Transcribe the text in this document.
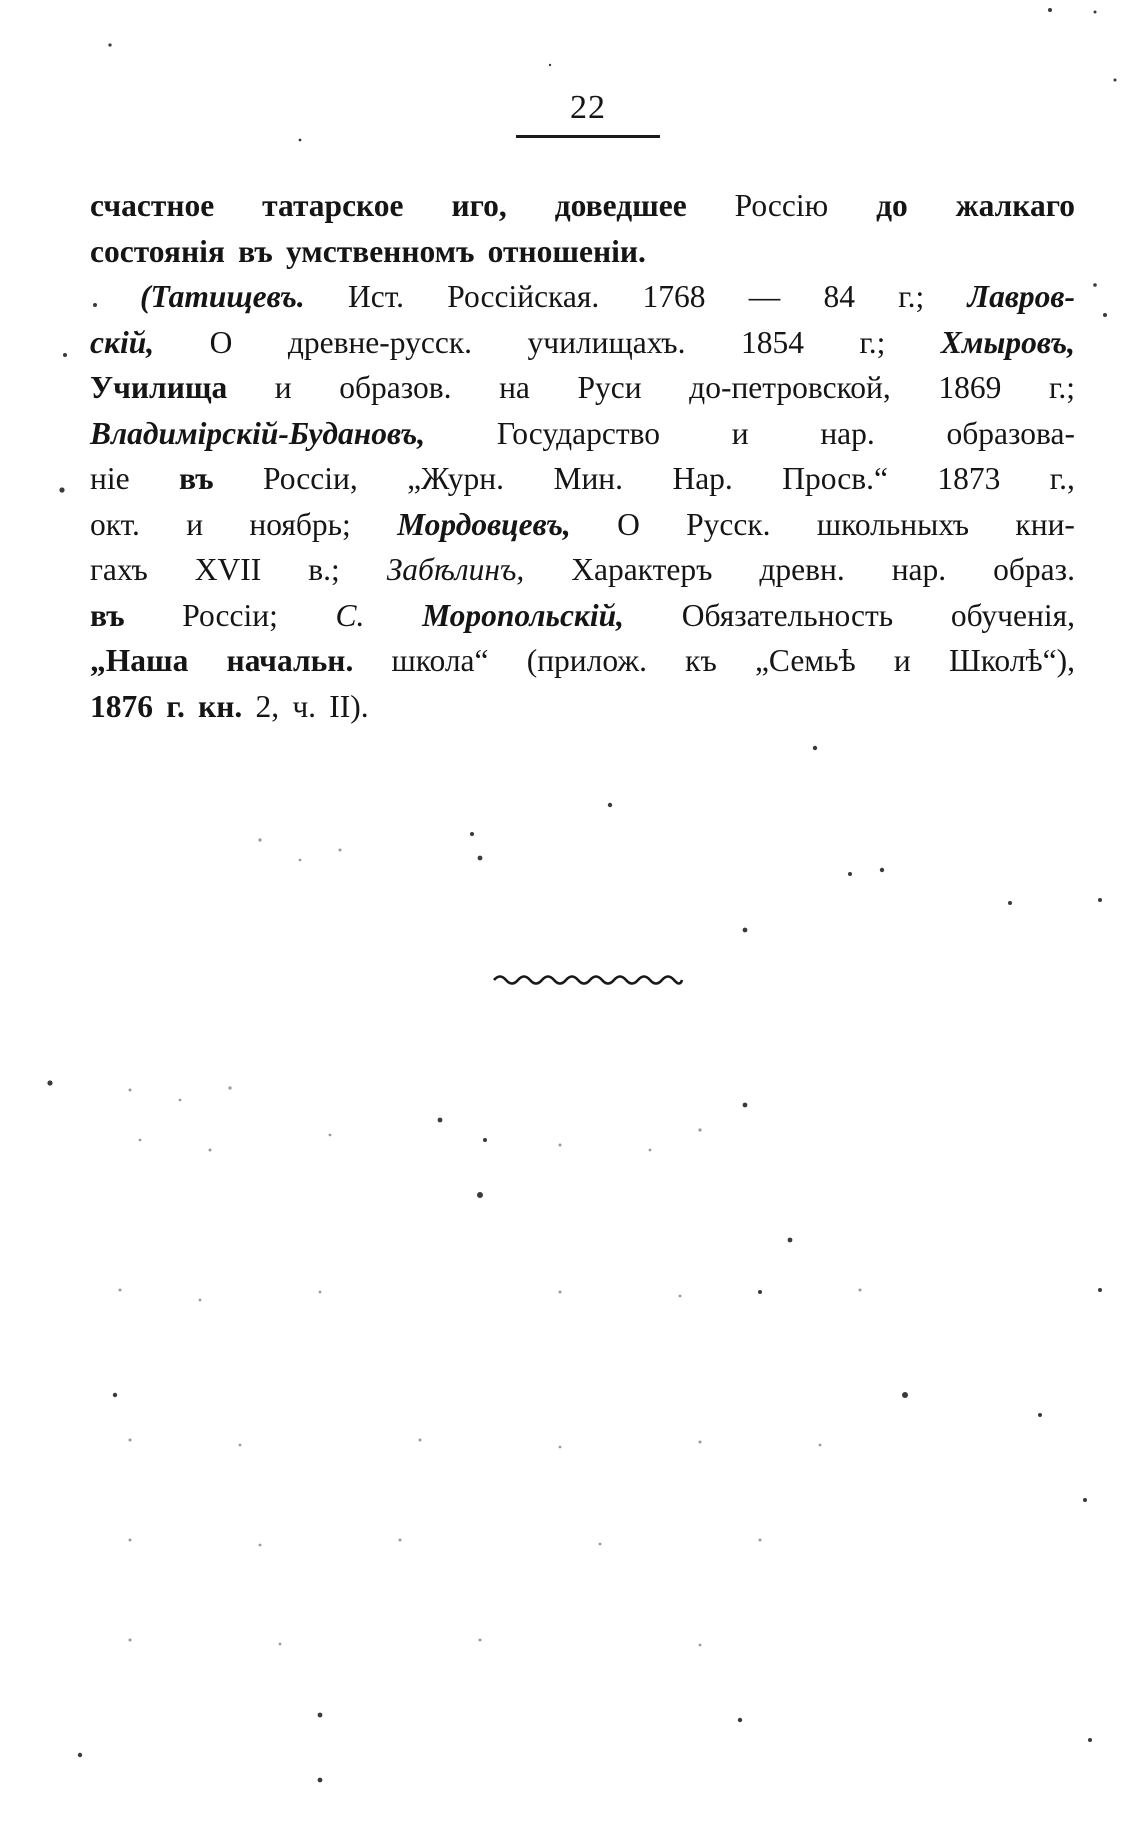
22
счастное татарское иго, доведшее Россію до жалкаго
состоянія въ умственномъ отношеніи.
(Татищевъ. Ист. Россійская. 1768 — 84 г.; Лавров-
скій, О древне-русск. училищахъ. 1854 г.; Хмыровъ,
Училища и образов. на Руси до-петровской, 1869 г.;
Владимірскій-Будановъ, Государство и нар. образова-
ніе въ Россіи, „Журн. Мин. Нар. Просв.“ 1873 г.,
окт. и ноябрь; Мордовцевъ, О Русск. школьныхъ кни-
гахъ XVII в.; Забѣлинъ, Характеръ древн. нар. образ.
въ Россіи; С. Моропольскій, Обязательность обученія,
„Наша начальн. школа“ (прилож. къ „Семьѣ и Школѣ“),
1876 г. кн. 2, ч. II).
